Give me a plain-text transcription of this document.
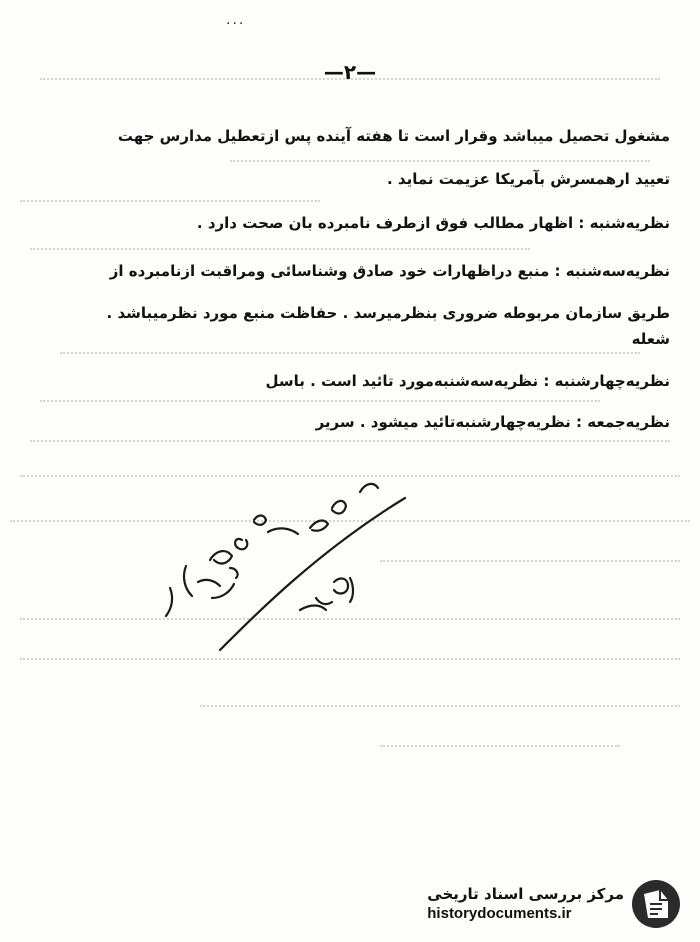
...
—۲—
مشغول تحصیل میباشد وقرار است تا هفته آینده پس ازتعطیل مدارس جهت
تعیید ارهمسرش بآمریکا عزیمت نماید .
نظریه‌شنبه : اظهار مطالب فوق ازطرف نامبرده بان صحت دارد .
نظریه‌سه‌شنبه : منبع دراظهارات خود صادق وشناسائی ومراقبت ازنامبرده از
طریق سازمان مربوطه ضروری بنظرمیرسد . حفاظت منبع مورد نظرمیباشد .
شعله
نظریه‌چهارشنبه : نظریه‌سه‌شنبه‌مورد تائید است . باسل
نظریه‌جمعه : نظریه‌چهارشنبه‌تائید میشود . سریر
مرکز بررسی اسناد تاریخی
historydocuments.ir
